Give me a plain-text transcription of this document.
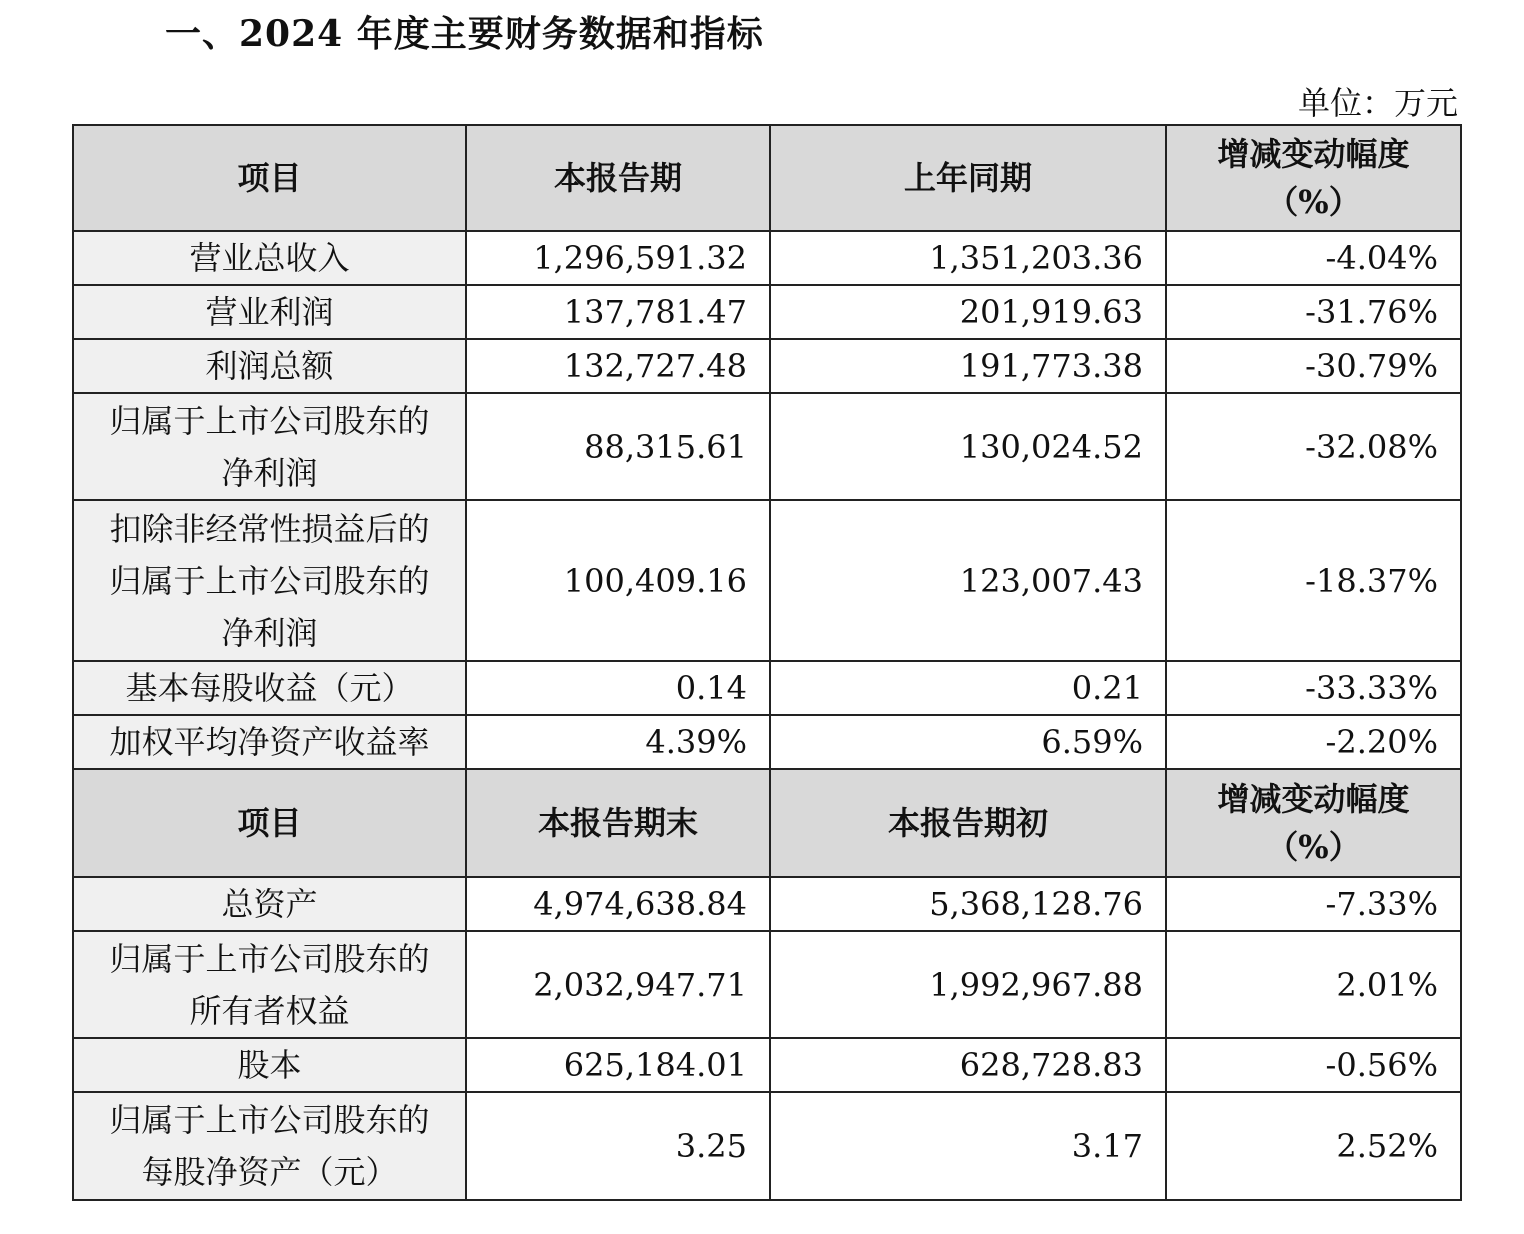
一、2024 年度主要财务数据和指标
单位：万元
项目	本报告期	上年同期	增减变动幅度
（%）

营业总收入	1,296,591.32	1,351,203.36	-4.04%

营业利润	137,781.47	201,919.63	-31.76%

利润总额	132,727.48	191,773.38	-30.79%

归属于上市公司股东的
净利润	88,315.61	130,024.52	-32.08%

扣除非经常性损益后的
归属于上市公司股东的
净利润	100,409.16	123,007.43	-18.37%

基本每股收益（元）	0.14	0.21	-33.33%

加权平均净资产收益率	4.39%	6.59%	-2.20%
项目	本报告期末	本报告期初	增减变动幅度
（%）

总资产	4,974,638.84	5,368,128.76	-7.33%

归属于上市公司股东的
所有者权益	2,032,947.71	1,992,967.88	2.01%

股本	625,184.01	628,728.83	-0.56%

归属于上市公司股东的
每股净资产（元）	3.25	3.17	2.52%
